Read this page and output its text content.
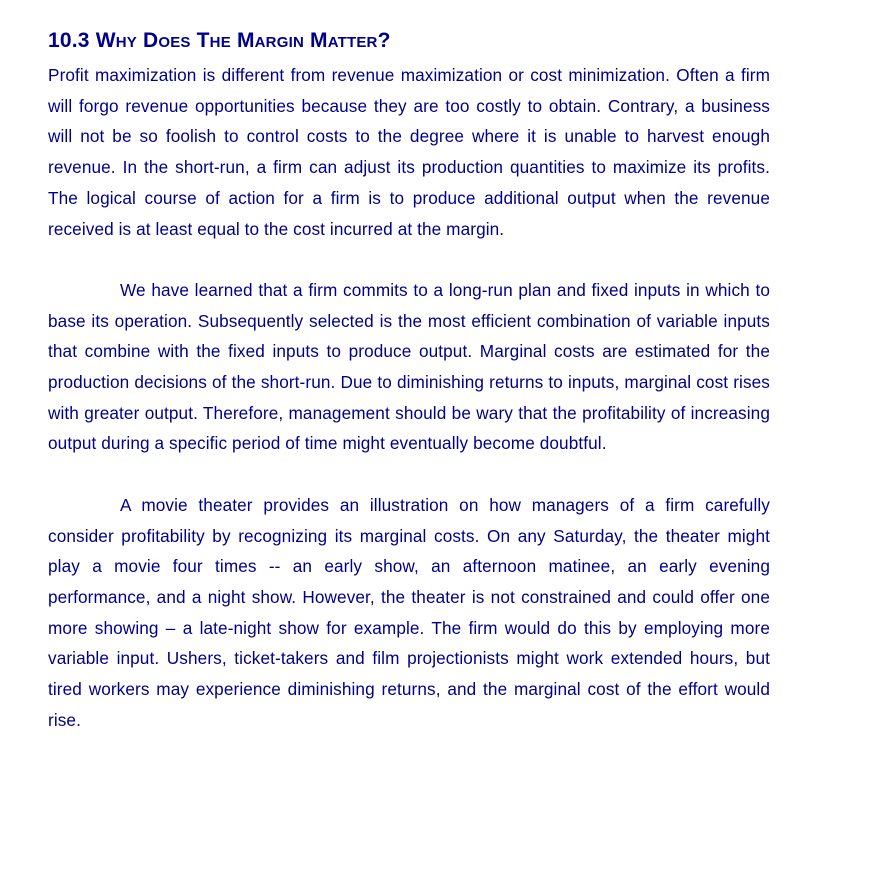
10.3 Why Does The Margin Matter?

Profit maximization is different from revenue maximization or cost minimization. Often a firm will forgo revenue opportunities because they are too costly to obtain. Contrary, a business will not be so foolish to control costs to the degree where it is unable to harvest enough revenue. In the short-run, a firm can adjust its production quantities to maximize its profits. The logical course of action for a firm is to produce additional output when the revenue received is at least equal to the cost incurred at the margin.

We have learned that a firm commits to a long-run plan and fixed inputs in which to base its operation. Subsequently selected is the most efficient combination of variable inputs that combine with the fixed inputs to produce output. Marginal costs are estimated for the production decisions of the short-run. Due to diminishing returns to inputs, marginal cost rises with greater output. Therefore, management should be wary that the profitability of increasing output during a specific period of time might eventually become doubtful.

A movie theater provides an illustration on how managers of a firm carefully consider profitability by recognizing its marginal costs. On any Saturday, the theater might play a movie four times -- an early show, an afternoon matinee, an early evening performance, and a night show. However, the theater is not constrained and could offer one more showing – a late-night show for example. The firm would do this by employing more variable input. Ushers, ticket-takers and film projectionists might work extended hours, but tired workers may experience diminishing returns, and the marginal cost of the effort would rise.
